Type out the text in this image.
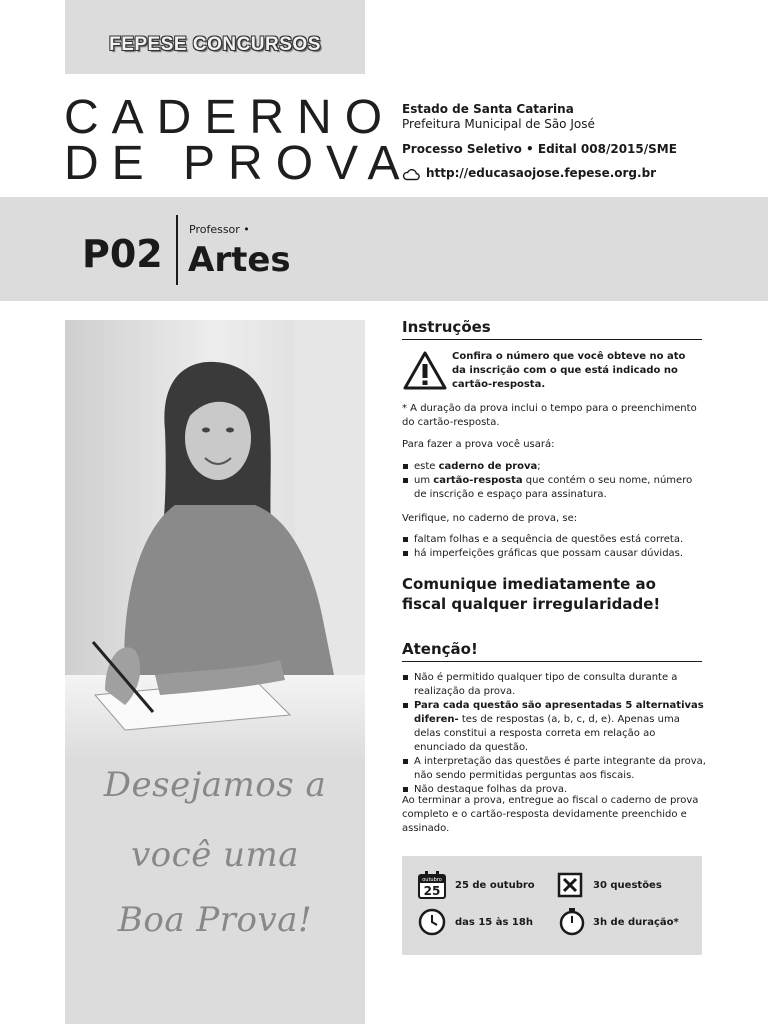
FEPESE CONCURSOS
CADERNO
DE PROVA
Estado de Santa Catarina
Prefeitura Municipal de São José
Processo Seletivo • Edital 008/2015/SME
http://educasaojose.fepese.org.br
P02
Professor •
Artes
Desejamos a
você uma
Boa Prova!
Instruções
Confira o número que você obteve no ato da inscrição com o que está indicado no cartão-resposta.
* A duração da prova inclui o tempo para o preenchimento do cartão-resposta.
Para fazer a prova você usará:
este caderno de prova;
um cartão-resposta que contém o seu nome, número de inscrição e espaço para assinatura.
Verifique, no caderno de prova, se:
faltam folhas e a sequência de questões está correta.
há imperfeições gráficas que possam causar dúvidas.
Comunique imediatamente ao
fiscal qualquer irregularidade!
Atenção!
Não é permitido qualquer tipo de consulta durante a realização da prova.
Para cada questão são apresentadas 5 alternativas diferen- tes de respostas (a, b, c, d, e). Apenas uma delas constitui a resposta correta em relação ao enunciado da questão.
A interpretação das questões é parte integrante da prova, não sendo permitidas perguntas aos fiscais.
Não destaque folhas da prova.
Ao terminar a prova, entregue ao fiscal o caderno de prova completo e o cartão-resposta devidamente preenchido e assinado.
outubro
25 25 de outubro	30 questões
das 15 às 18h	3h de duração*
